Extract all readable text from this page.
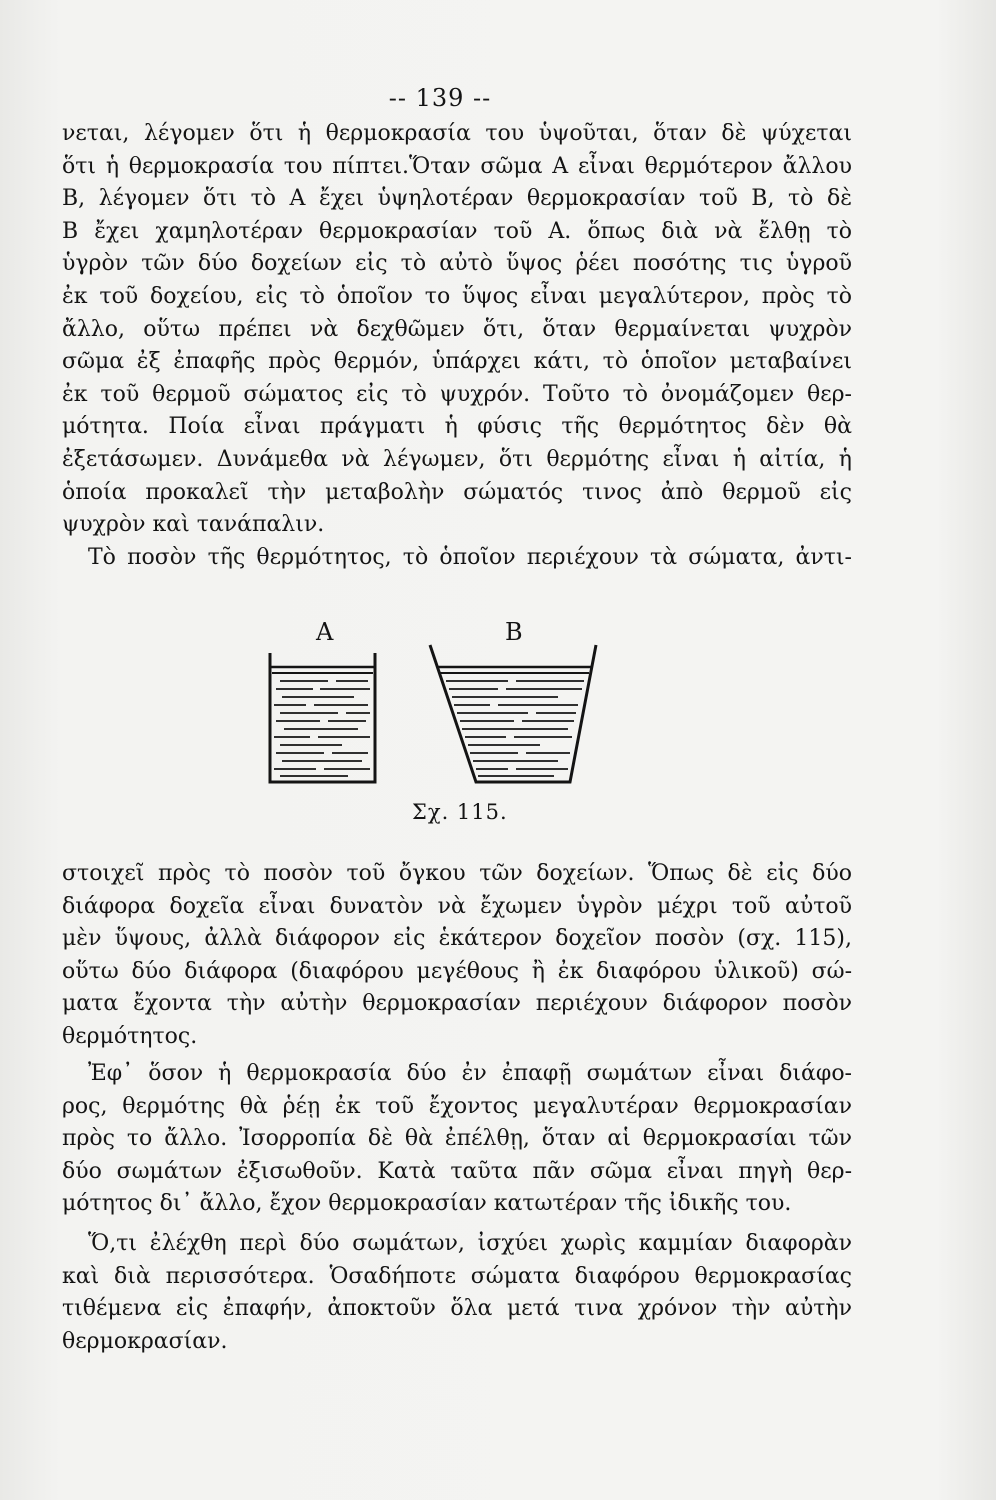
-- 139 --
νεται, λέγομεν ὅτι ἡ θερμοκρασία του ὑψοῦται, ὅταν δὲ ψύχεται
ὅτι ἡ θερμοκρασία του πίπτει.Ὅταν σῶμα Α εἶναι θερμότερον ἄλλου
Β, λέγομεν ὅτι τὸ Α ἔχει ὑψηλοτέραν θερμοκρασίαν τοῦ Β, τὸ δὲ
Β ἔχει χαμηλοτέραν θερμοκρασίαν τοῦ Α. ὅπως διὰ νὰ ἔλθῃ τὸ
ὑγρὸν τῶν δύο δοχείων εἰς τὸ αὐτὸ ὕψος ῥέει ποσότης τις ὑγροῦ
ἐκ τοῦ δοχείου, εἰς τὸ ὁποῖον το ὕψος εἶναι μεγαλύτερον, πρὸς τὸ
ἄλλο, οὕτω πρέπει νὰ δεχθῶμεν ὅτι, ὅταν θερμαίνεται ψυχρὸν
σῶμα ἐξ ἐπαφῆς πρὸς θερμόν, ὑπάρχει κάτι, τὸ ὁποῖον μεταβαίνει
ἐκ τοῦ θερμοῦ σώματος εἰς τὸ ψυχρόν. Τοῦτο τὸ ὀνομάζομεν θερ-
μότητα. Ποία εἶναι πράγματι ἡ φύσις τῆς θερμότητος δὲν θὰ
ἐξετάσωμεν. Δυνάμεθα νὰ λέγωμεν, ὅτι θερμότης εἶναι ἡ αἰτία, ἡ
ὁποία προκαλεῖ τὴν μεταβολὴν σώματός τινος ἀπὸ θερμοῦ εἰς
ψυχρὸν καὶ τανάπαλιν.
Τὸ ποσὸν τῆς θερμότητος, τὸ ὁποῖον περιέχουν τὰ σώματα, ἀντι-
Α	Β
Σχ. 115.
στοιχεῖ πρὸς τὸ ποσὸν τοῦ ὄγκου τῶν δοχείων. Ὅπως δὲ εἰς δύο
διάφορα δοχεῖα εἶναι δυνατὸν νὰ ἔχωμεν ὑγρὸν μέχρι τοῦ αὐτοῦ
μὲν ὕψους, ἀλλὰ διάφορον εἰς ἑκάτερον δοχεῖον ποσὸν (σχ. 115),
οὕτω δύο διάφορα (διαφόρου μεγέθους ἢ ἐκ διαφόρου ὑλικοῦ) σώ-
ματα ἔχοντα τὴν αὐτὴν θερμοκρασίαν περιέχουν διάφορον ποσὸν
θερμότητος.
Ἐφ᾽ ὅσον ἡ θερμοκρασία δύο ἐν ἐπαφῇ σωμάτων εἶναι διάφο-
ρος, θερμότης θὰ ῥέῃ ἐκ τοῦ ἔχοντος μεγαλυτέραν θερμοκρασίαν
πρὸς το ἄλλο. Ἰσορροπία δὲ θὰ ἐπέλθῃ, ὅταν αἱ θερμοκρασίαι τῶν
δύο σωμάτων ἐξισωθοῦν. Κατὰ ταῦτα πᾶν σῶμα εἶναι πηγὴ θερ-
μότητος δι᾽ ἄλλο, ἔχον θερμοκρασίαν κατωτέραν τῆς ἰδικῆς του.
Ὅ,τι ἐλέχθη περὶ δύο σωμάτων, ἰσχύει χωρὶς καμμίαν διαφορὰν
καὶ διὰ περισσότερα. Ὁσαδήποτε σώματα διαφόρου θερμοκρασίας
τιθέμενα εἰς ἐπαφήν, ἀποκτοῦν ὅλα μετά τινα χρόνον τὴν αὐτὴν
θερμοκρασίαν.
